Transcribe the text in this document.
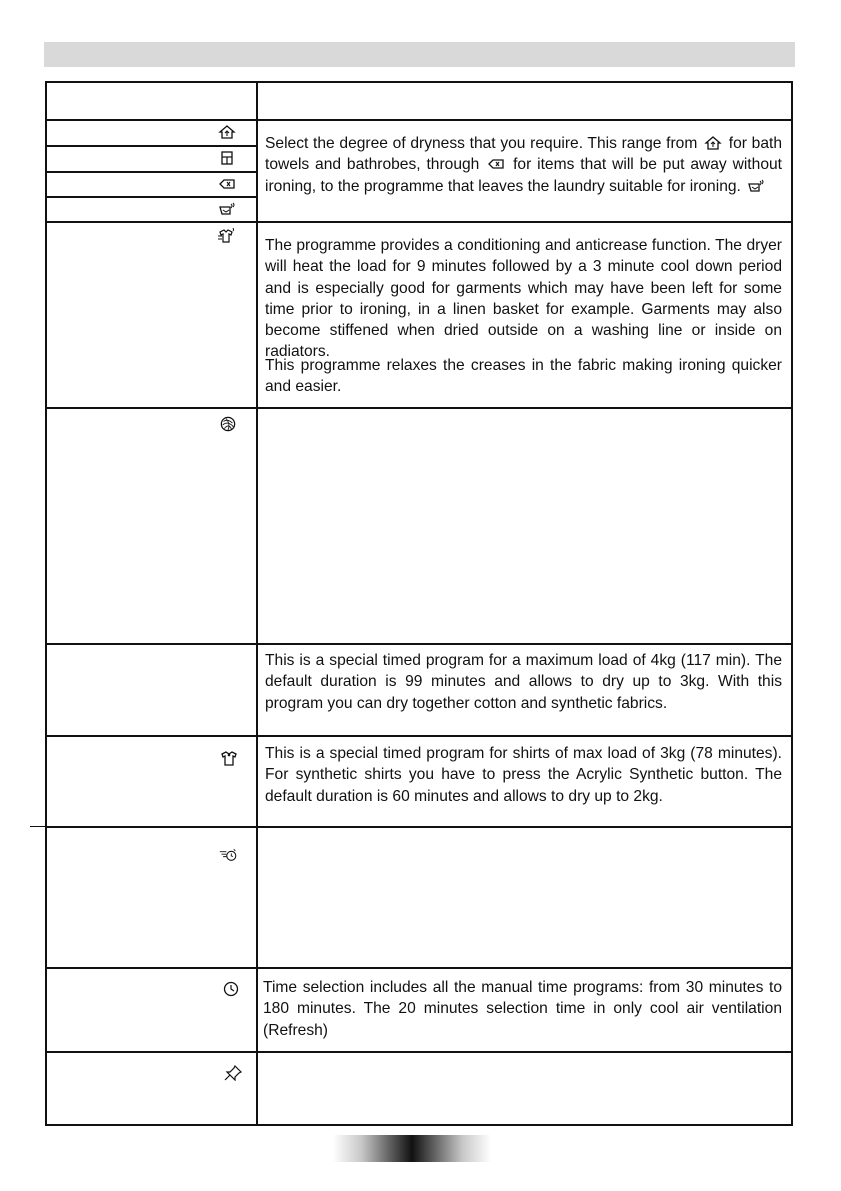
Select the degree of dryness that you require. This range from for bath towels and bathrobes, through for items that will be put away without ironing, to the programme that leaves the laundry suitable for ironing.

The programme provides a conditioning and anticrease function. The dryer will heat the load for 9 minutes followed by a 3 minute cool down period and is especially good for garments which may have been left for some time prior to ironing, in a linen basket for example. Garments may also become stiffened when dried outside on a washing line or inside on radiators.

This programme relaxes the creases in the fabric making ironing quicker and easier.

This is a special timed program for a maximum load of 4kg (117 min). The default duration is 99 minutes and allows to dry up to 3kg. With this program you can dry together cotton and synthetic fabrics.

This is a special timed program for shirts of max load of 3kg (78 minutes). For synthetic shirts you have to press the Acrylic Synthetic button. The default duration is 60 minutes and allows to dry up to 2kg.

Time selection includes all the manual time programs: from 30 minutes to 180 minutes. The 20 minutes selection time in only cool air ventilation (Refresh)
